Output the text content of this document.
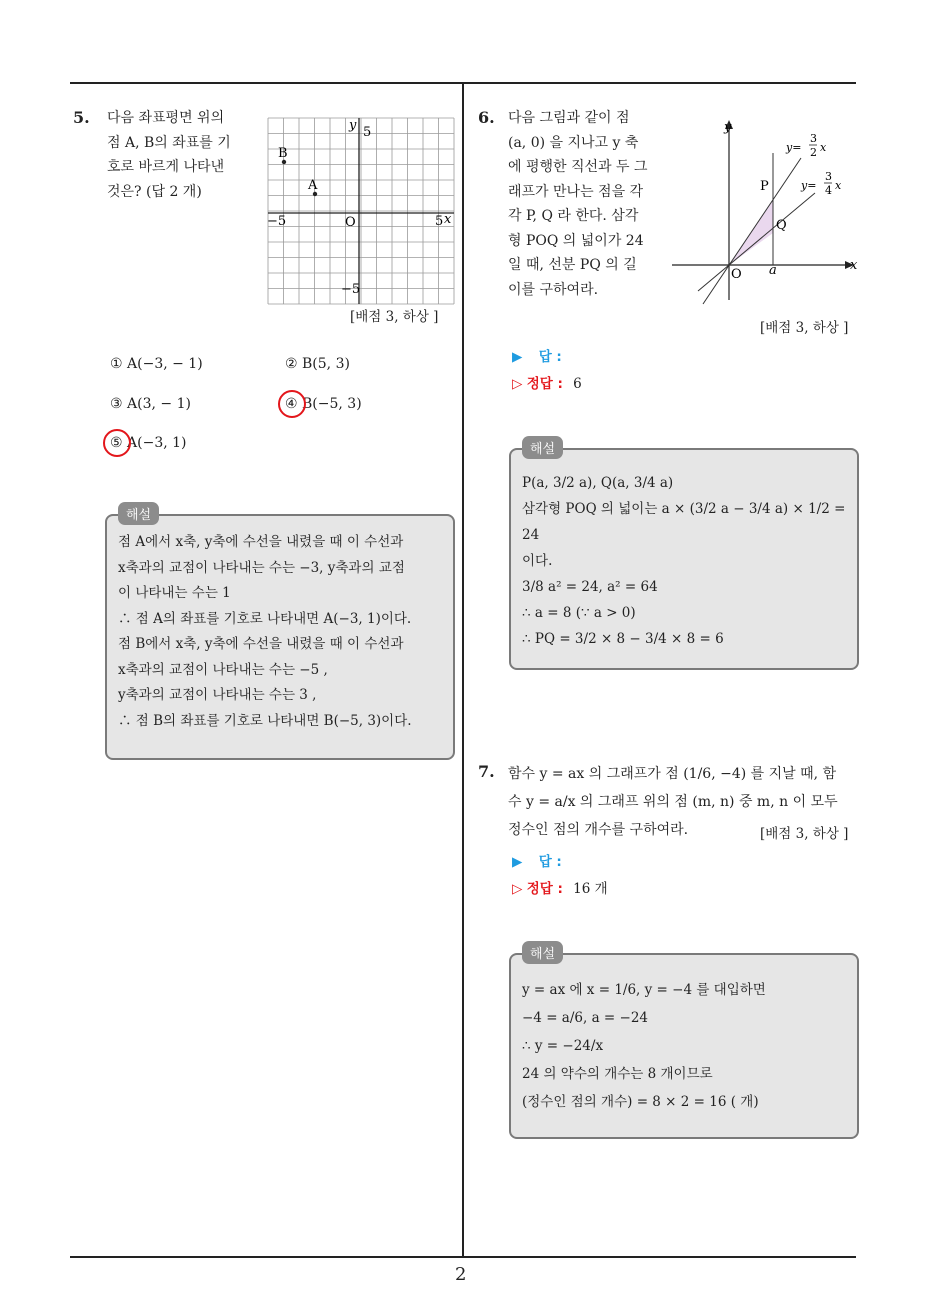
2
5. 다음 좌표평면 위의
점 A, B의 좌표를 기
호로 바르게 나타낸
것은? (답 2 개)
y 5
−5
−5	5 x
O
B
A
[배점 3, 하상 ]
① A(−3, − 1)	② B(5, 3)
③ A(3, − 1)	④ B(−5, 3)
⑤ A(−3, 1)
해설
점 A에서 x축, y축에 수선을 내렸을 때 이 수선과
x축과의 교점이 나타내는 수는 −3, y축과의 교점
이 나타내는 수는 1
∴ 점 A의 좌표를 기호로 나타내면 A(−3, 1)이다.
점 B에서 x축, y축에 수선을 내렸을 때 이 수선과
x축과의 교점이 나타내는 수는 −5 ,
y축과의 교점이 나타내는 수는 3 ,
∴ 점 B의 좌표를 기호로 나타내면 B(−5, 3)이다.
6. 다음 그림과 같이 점
(a, 0) 을 지나고 y 축
에 평행한 직선과 두 그
래프가 만나는 점을 각
각 P, Q 라 한다. 삼각
형 POQ 의 넓이가 24
일 때, 선분 PQ 의 길
이를 구하여라.
y
x
O a
P
Q
y=
3
2 x
y=
3
4 x
[배점 3, 하상 ]
▶ 답 :
▷ 정답 : 6
해설
P(a, 3/2 a), Q(a, 3/4 a)
삼각형 POQ 의 넓이는 a × (3/2 a − 3/4 a) × 1/2 = 24
이다.
3/8 a² = 24, a² = 64
∴ a = 8 (∵ a > 0)
∴ PQ = 3/2 × 8 − 3/4 × 8 = 6
7. 함수 y = ax 의 그래프가 점 (1/6, −4) 를 지날 때, 함
수 y = a/x 의 그래프 위의 점 (m, n) 중 m, n 이 모두
정수인 점의 개수를 구하여라.	[배점 3, 하상 ]
▶ 답 :
▷ 정답 : 16 개
해설
y = ax 에 x = 1/6, y = −4 를 대입하면
−4 = a/6, a = −24
∴ y = −24/x
24 의 약수의 개수는 8 개이므로
(정수인 점의 개수) = 8 × 2 = 16 ( 개)
